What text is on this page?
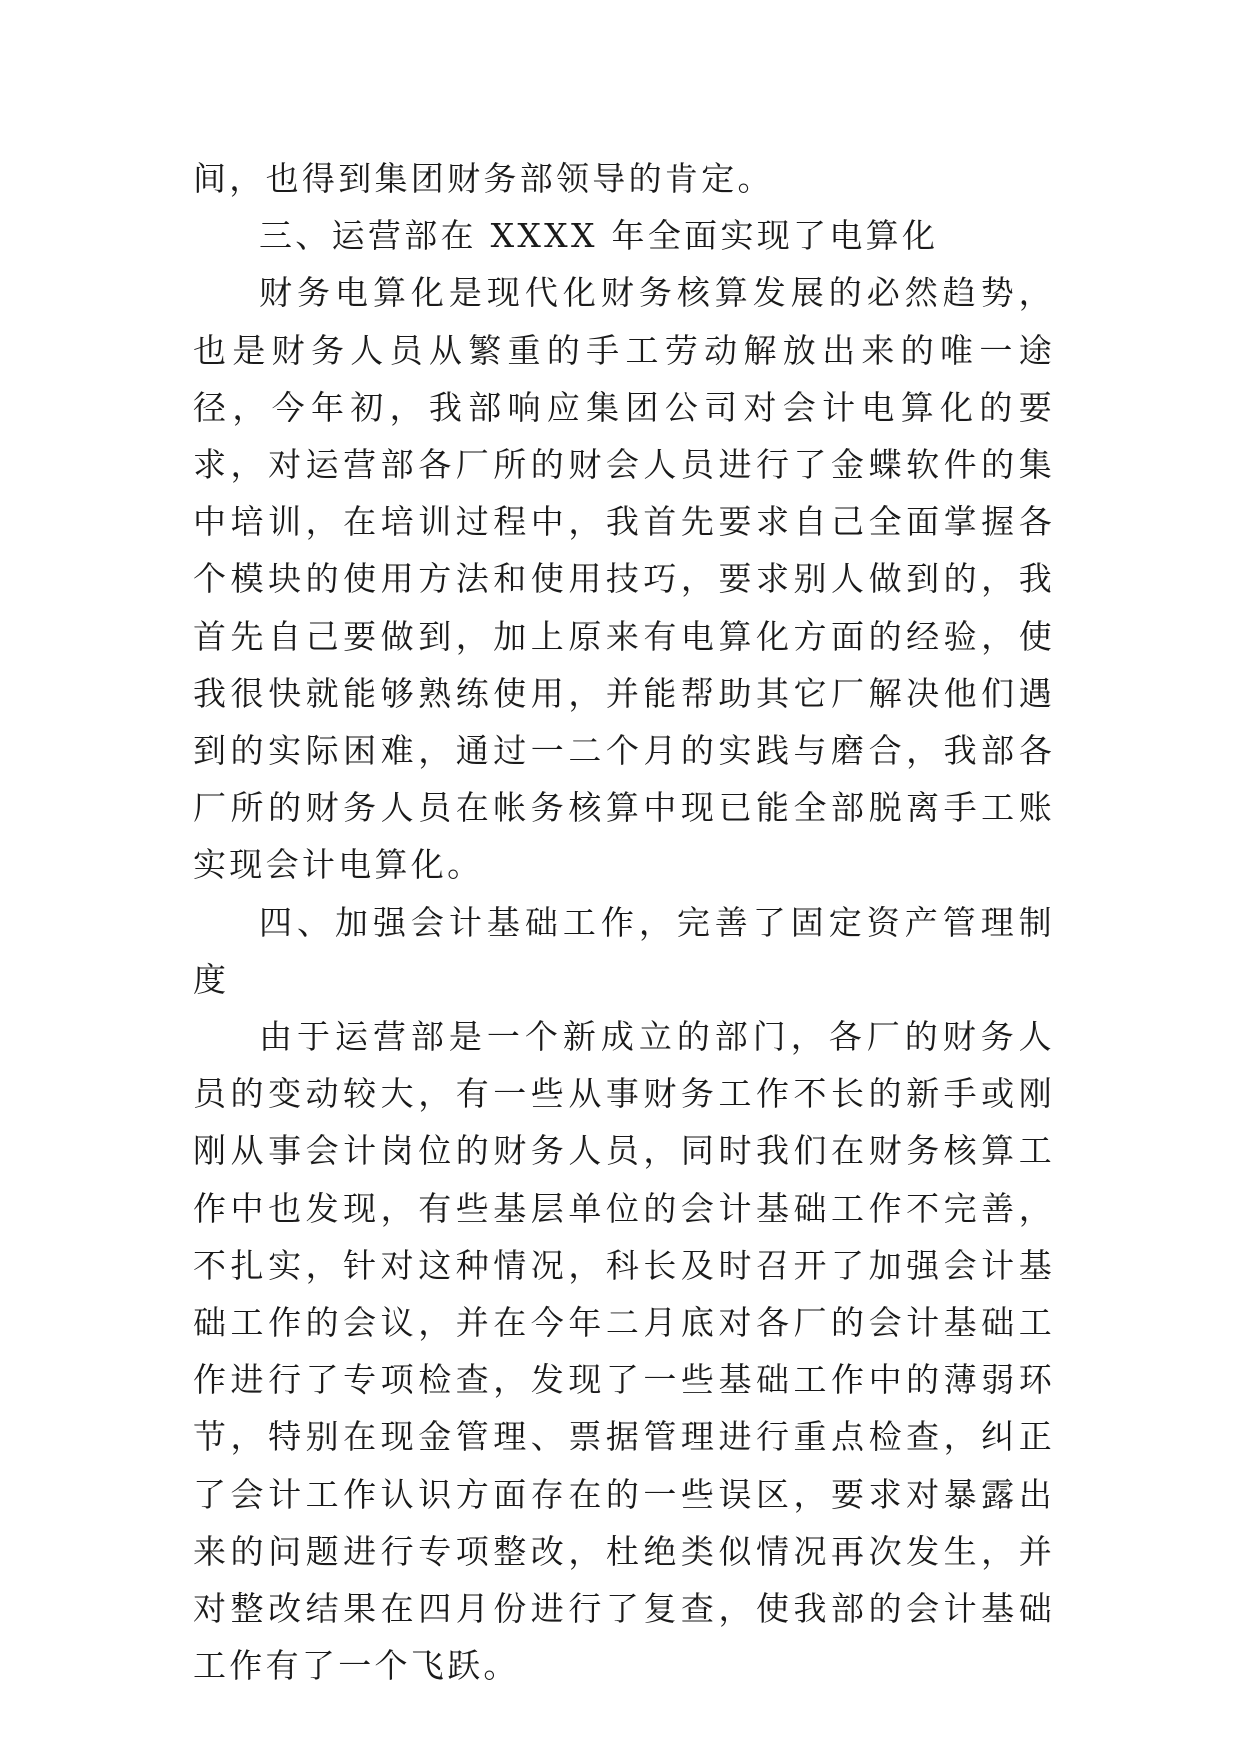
间，也得到集团财务部领导的肯定。

三、运营部在 XXXX 年全面实现了电算化

财务电算化是现代化财务核算发展的必然趋势，也是财务人员从繁重的手工劳动解放出来的唯一途径，今年初，我部响应集团公司对会计电算化的要求，对运营部各厂所的财会人员进行了金蝶软件的集中培训，在培训过程中，我首先要求自己全面掌握各个模块的使用方法和使用技巧，要求别人做到的，我首先自己要做到，加上原来有电算化方面的经验，使我很快就能够熟练使用，并能帮助其它厂解决他们遇到的实际困难，通过一二个月的实践与磨合，我部各厂所的财务人员在帐务核算中现已能全部脱离手工账实现会计电算化。

四、加强会计基础工作，完善了固定资产管理制度

由于运营部是一个新成立的部门，各厂的财务人员的变动较大，有一些从事财务工作不长的新手或刚刚从事会计岗位的财务人员，同时我们在财务核算工作中也发现，有些基层单位的会计基础工作不完善，不扎实，针对这种情况，科长及时召开了加强会计基础工作的会议，并在今年二月底对各厂的会计基础工作进行了专项检查，发现了一些基础工作中的薄弱环节，特别在现金管理、票据管理进行重点检查，纠正了会计工作认识方面存在的一些误区，要求对暴露出来的问题进行专项整改，杜绝类似情况再次发生，并对整改结果在四月份进行了复查，使我部的会计基础工作有了一个飞跃。
